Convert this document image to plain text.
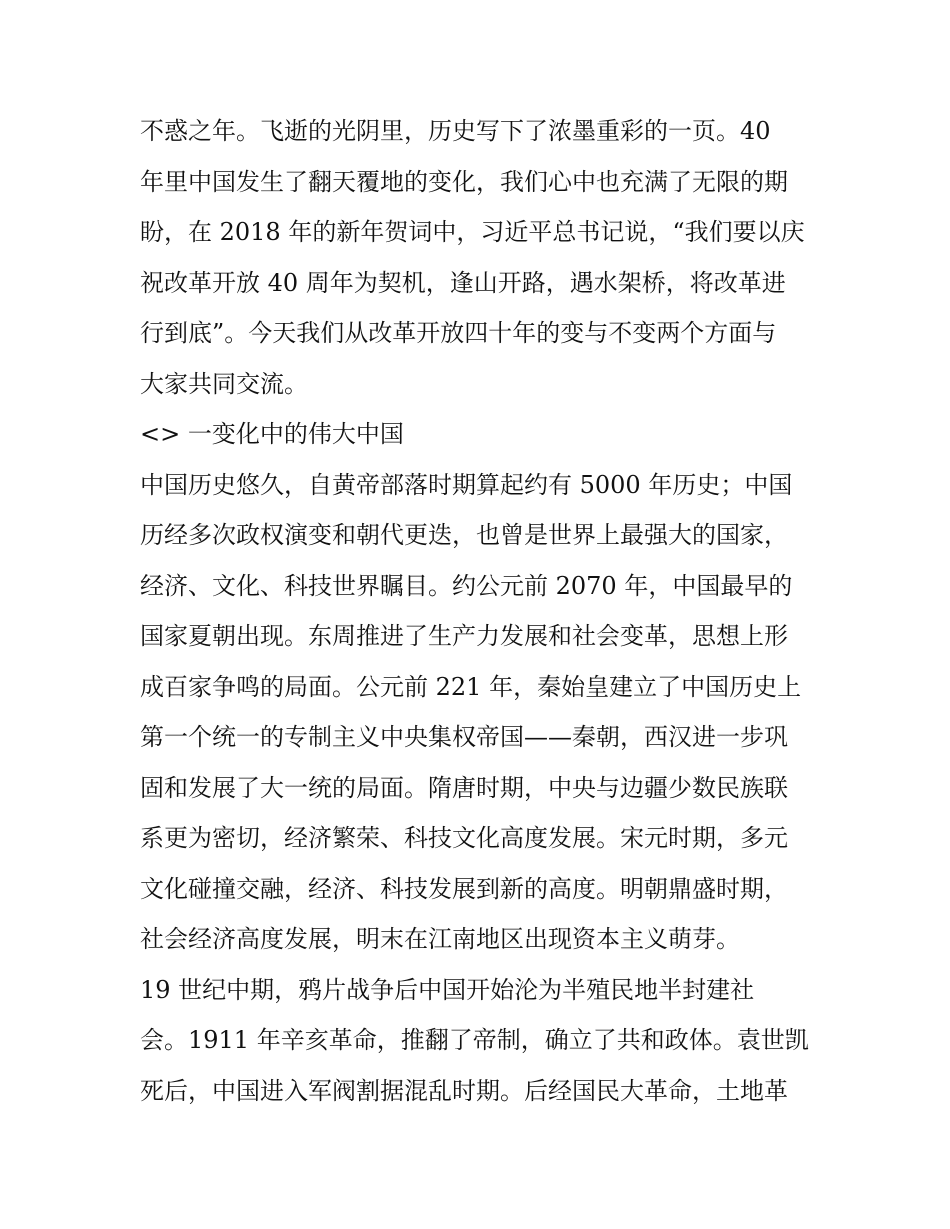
不惑之年。飞逝的光阴里，历史写下了浓墨重彩的一页。40
年里中国发生了翻天覆地的变化，我们心中也充满了无限的期
盼，在 2018 年的新年贺词中，习近平总书记说，“我们要以庆
祝改革开放 40 周年为契机，逢山开路，遇水架桥，将改革进
行到底”。今天我们从改革开放四十年的变与不变两个方面与
大家共同交流。
<> 一变化中的伟大中国
中国历史悠久，自黄帝部落时期算起约有 5000 年历史；中国
历经多次政权演变和朝代更迭，也曾是世界上最强大的国家，
经济、文化、科技世界瞩目。约公元前 2070 年，中国最早的
国家夏朝出现。东周推进了生产力发展和社会变革，思想上形
成百家争鸣的局面。公元前 221 年，秦始皇建立了中国历史上
第一个统一的专制主义中央集权帝国——秦朝，西汉进一步巩
固和发展了大一统的局面。隋唐时期，中央与边疆少数民族联
系更为密切，经济繁荣、科技文化高度发展。宋元时期，多元
文化碰撞交融，经济、科技发展到新的高度。明朝鼎盛时期，
社会经济高度发展，明末在江南地区出现资本主义萌芽。
19 世纪中期，鸦片战争后中国开始沦为半殖民地半封建社
会。1911 年辛亥革命，推翻了帝制，确立了共和政体。袁世凯
死后，中国进入军阀割据混乱时期。后经国民大革命，土地革
